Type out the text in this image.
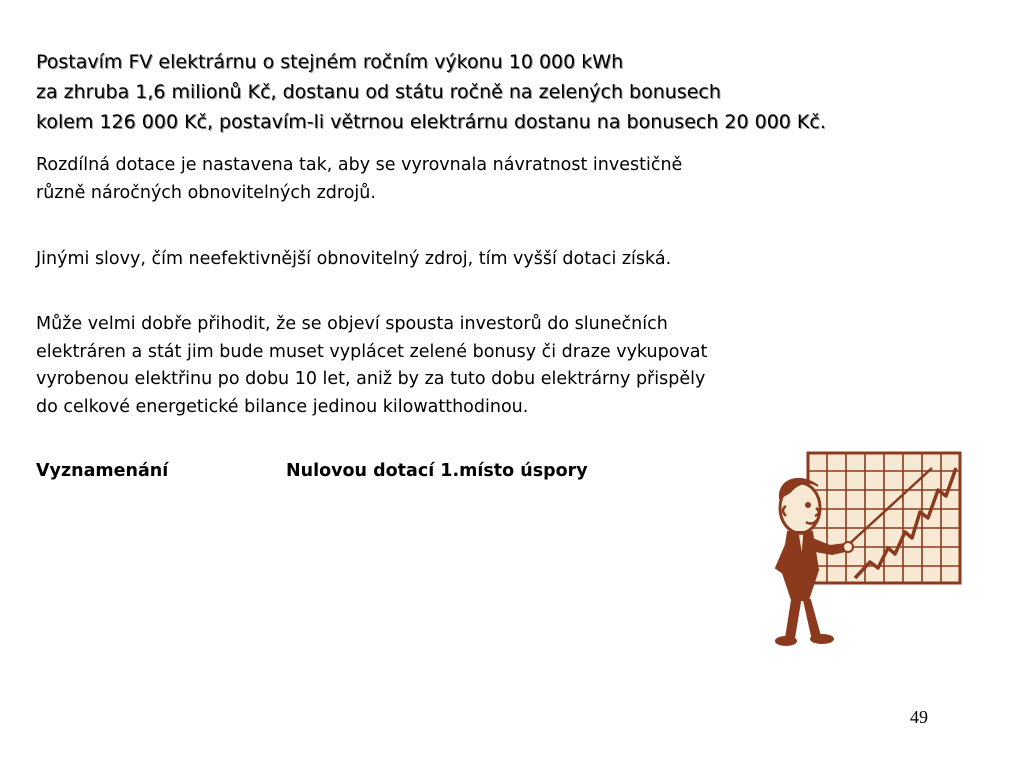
Postavím FV elektrárnu o stejném ročním výkonu 10 000 kWh
za zhruba 1,6 milionů Kč, dostanu od státu ročně na zelených bonusech
kolem 126 000 Kč, postavím-li větrnou elektrárnu dostanu na bonusech 20 000 Kč.

Rozdílná dotace je nastavena tak, aby se vyrovnala návratnost investičně
různě náročných obnovitelných zdrojů.

Jinými slovy, čím neefektivnější obnovitelný zdroj, tím vyšší dotaci získá.

Může velmi dobře přihodit, že se objeví spousta investorů do slunečních
elektráren a stát jim bude muset vyplácet zelené bonusy či draze vykupovat
vyrobenou elektřinu po dobu 10 let, aniž by za tuto dobu elektrárny přispěly
do celkové energetické bilance jedinou kilowatthodinou.

Vyznamenání	Nulovou dotací 1.místo úspory

49
